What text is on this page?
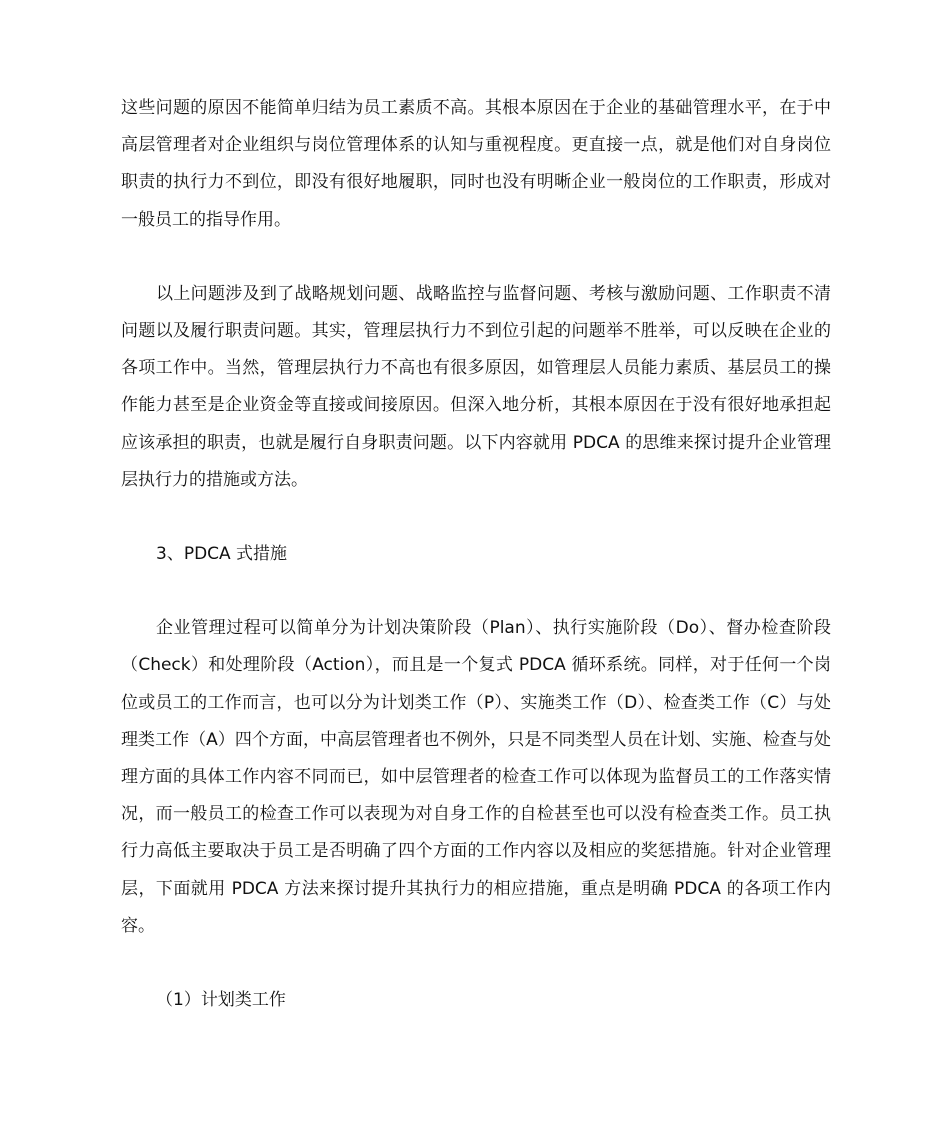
这些问题的原因不能简单归结为员工素质不高。其根本原因在于企业的基础管理水平，在于中高层管理者对企业组织与岗位管理体系的认知与重视程度。更直接一点，就是他们对自身岗位职责的执行力不到位，即没有很好地履职，同时也没有明晰企业一般岗位的工作职责，形成对一般员工的指导作用。

以上问题涉及到了战略规划问题、战略监控与监督问题、考核与激励问题、工作职责不清问题以及履行职责问题。其实，管理层执行力不到位引起的问题举不胜举，可以反映在企业的各项工作中。当然，管理层执行力不高也有很多原因，如管理层人员能力素质、基层员工的操作能力甚至是企业资金等直接或间接原因。但深入地分析，其根本原因在于没有很好地承担起应该承担的职责，也就是履行自身职责问题。以下内容就用 PDCA 的思维来探讨提升企业管理层执行力的措施或方法。

3、PDCA 式措施

企业管理过程可以简单分为计划决策阶段（Plan）、执行实施阶段（Do）、督办检查阶段（Check）和处理阶段（Action），而且是一个复式 PDCA 循环系统。同样，对于任何一个岗位或员工的工作而言，也可以分为计划类工作（P）、实施类工作（D）、检查类工作（C）与处理类工作（A）四个方面，中高层管理者也不例外，只是不同类型人员在计划、实施、检查与处理方面的具体工作内容不同而已，如中层管理者的检查工作可以体现为监督员工的工作落实情况，而一般员工的检查工作可以表现为对自身工作的自检甚至也可以没有检查类工作。员工执行力高低主要取决于员工是否明确了四个方面的工作内容以及相应的奖惩措施。针对企业管理层，下面就用 PDCA 方法来探讨提升其执行力的相应措施，重点是明确 PDCA 的各项工作内容。

（1）计划类工作
